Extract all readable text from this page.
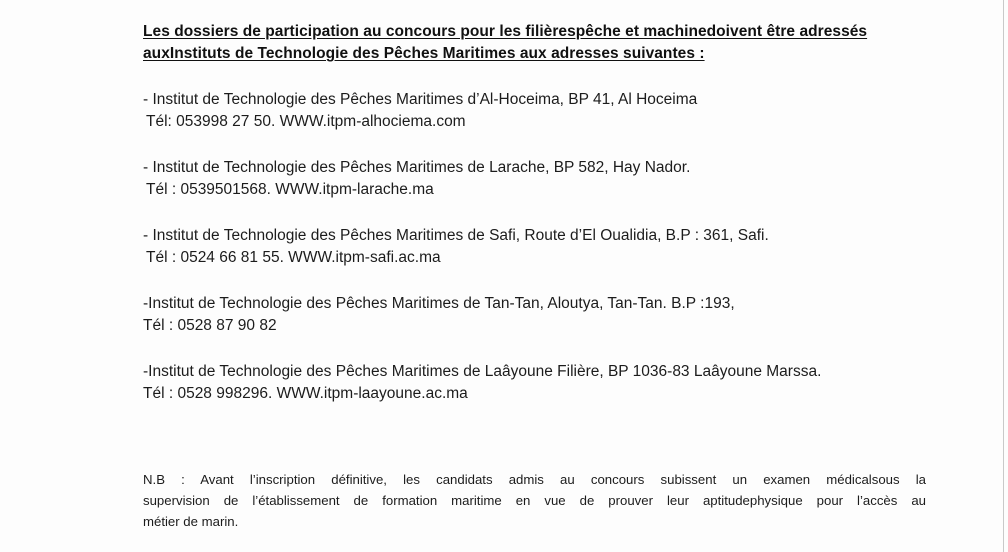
Les dossiers de participation au concours pour les filièrespêche et machinedoivent être adressés
auxInstituts de Technologie des Pêches Maritimes aux adresses suivantes :
- Institut de Technologie des Pêches Maritimes d’Al-Hoceima, BP 41, Al Hoceima
Tél: 053998 27 50. WWW.itpm-alhociema.com
- Institut de Technologie des Pêches Maritimes de Larache, BP 582, Hay Nador.
Tél : 0539501568. WWW.itpm-larache.ma
- Institut de Technologie des Pêches Maritimes de Safi, Route d’El Oualidia, B.P : 361, Safi.
Tél : 0524 66 81 55. WWW.itpm-safi.ac.ma
-Institut de Technologie des Pêches Maritimes de Tan-Tan, Aloutya, Tan-Tan. B.P :193,
Tél : 0528 87 90 82
-Institut de Technologie des Pêches Maritimes de Laâyoune Filière, BP 1036-83 Laâyoune Marssa.
Tél : 0528 998296. WWW.itpm-laayoune.ac.ma
N.B : Avant l’inscription définitive, les candidats admis au concours subissent un examen médicalsous la
supervision de l’établissement de formation maritime en vue de prouver leur aptitudephysique pour l’accès au
métier de marin.
